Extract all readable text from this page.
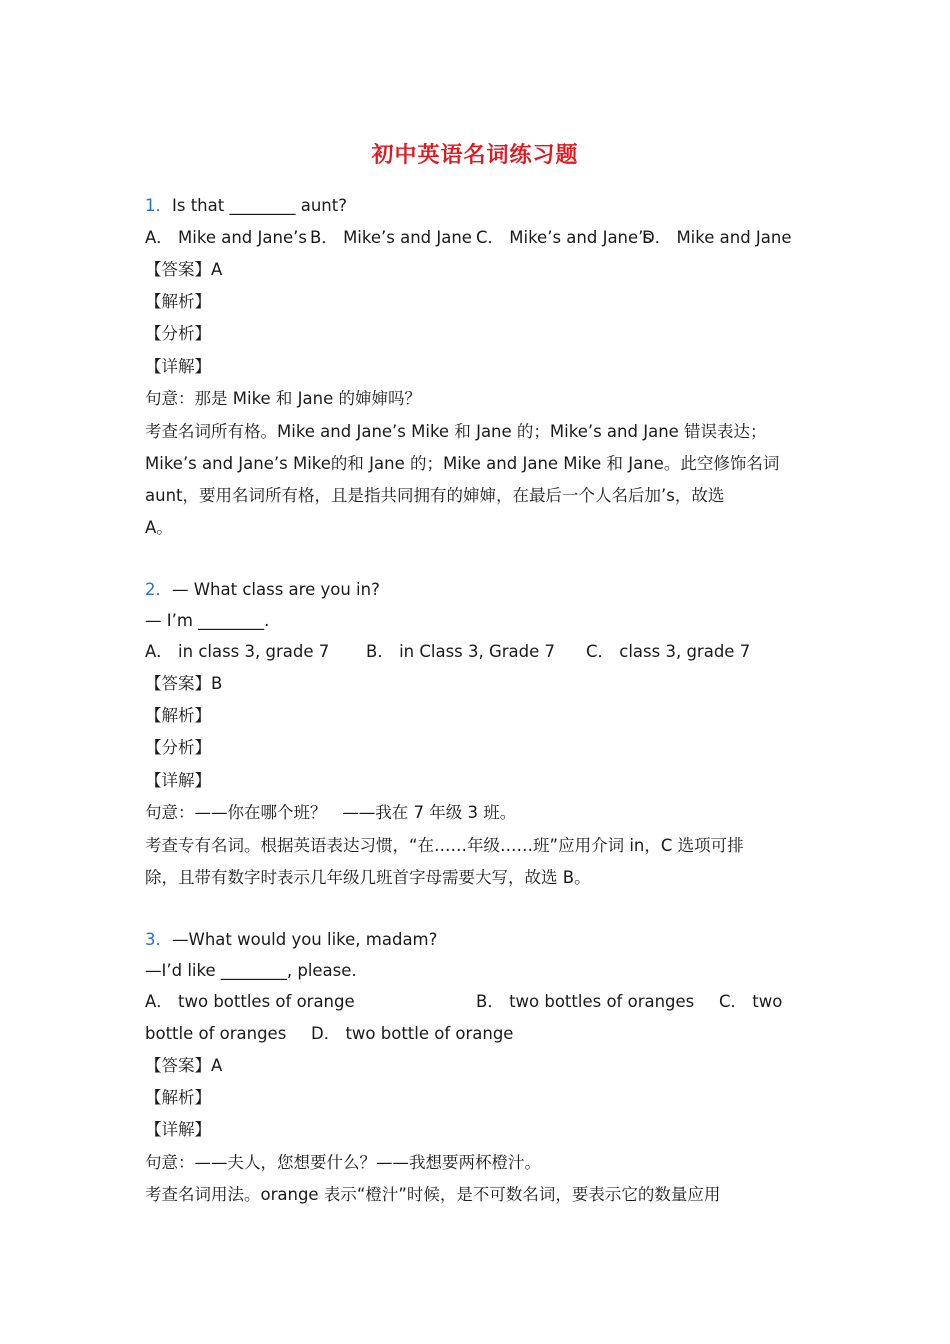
初中英语名词练习题
1．Is that ________ aunt?
A． Mike and Jane’s B． Mike’s and Jane C． Mike’s and Jane’s
D． Mike and Jane
【答案】A
【解析】
【分析】
【详解】
句意：那是 Mike 和 Jane 的婶婶吗？
考查名词所有格。Mike and Jane’s Mike 和 Jane 的；Mike’s and Jane 错误表达；
Mike’s and Jane’s Mike的和 Jane 的；Mike and Jane Mike 和 Jane。此空修饰名词
aunt，要用名词所有格，且是指共同拥有的婶婶，在最后一个人名后加’s，故选
A。
2．— What class are you in?
— I’m ________.
A． in class 3, grade 7 B． in Class 3, Grade 7 C． class 3, grade 7
【答案】B
【解析】
【分析】
【详解】
句意：——你在哪个班？   ——我在 7 年级 3 班。
考查专有名词。根据英语表达习惯，“在……年级……班”应用介词 in，C 选项可排
除，且带有数字时表示几年级几班首字母需要大写，故选 B。
3．—What would you like, madam?
—I’d like ________, please.
A． two bottles of orange	B． two bottles of oranges C． two
bottle of oranges D． two bottle of orange
【答案】A
【解析】
【详解】
句意：——夫人，您想要什么？——我想要两杯橙汁。
考查名词用法。orange 表示“橙汁”时候，是不可数名词，要表示它的数量应用
